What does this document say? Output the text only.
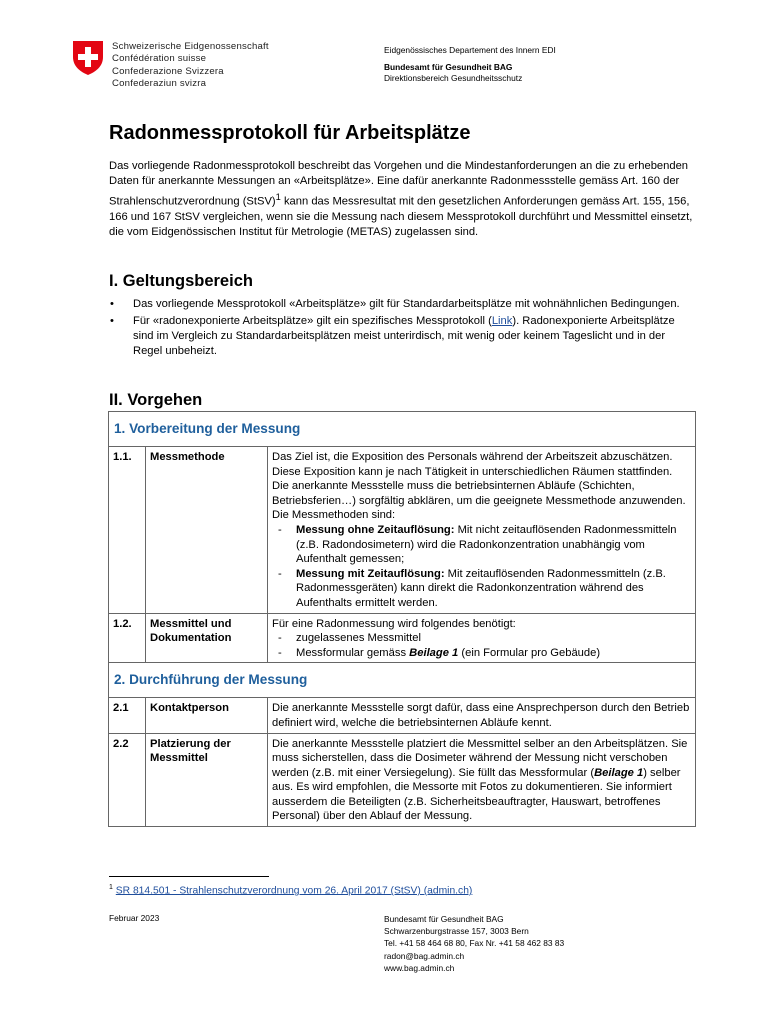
Schweizerische Eidgenossenschaft
Confédération suisse
Confederazione Svizzera
Confederaziun svizra
Eidgenössisches Departement des Innern EDI
Bundesamt für Gesundheit BAG
Direktionsbereich Gesundheitsschutz
Radonmessprotokoll für Arbeitsplätze
Das vorliegende Radonmessprotokoll beschreibt das Vorgehen und die Mindestanforderungen an die zu erhebenden Daten für anerkannte Messungen an «Arbeitsplätze». Eine dafür anerkannte Radonmessstelle gemäss Art. 160 der Strahlenschutzverordnung (StSV)$^1$ kann das Messresultat mit den gesetzlichen Anforderungen gemäss Art. 155, 156, 166 und 167 StSV vergleichen, wenn sie die Messung nach diesem Messprotokoll durchführt und Messmittel einsetzt, die vom Eidgenössischen Institut für Metrologie (METAS) zugelassen sind.
I. Geltungsbereich
• Das vorliegende Messprotokoll «Arbeitsplätze» gilt für Standardarbeitsplätze mit wohnähnlichen Bedingungen.
• Für «radonexponierte Arbeitsplätze» gilt ein spezifisches Messprotokoll (Link). Radonexponierte Arbeitsplätze sind im Vergleich zu Standardarbeitsplätzen meist unterirdisch, mit wenig oder keinem Tageslicht und in der Regel unbeheizt.
II. Vorgehen
1. Vorbereitung der Messung		
1.1.	Messmethode	Das Ziel ist, die Exposition des Personals während der Arbeitszeit abzuschätzen. Diese Exposition kann je nach Tätigkeit in unterschiedlichen Räumen stattfinden. Die anerkannte Messstelle muss die betriebsinternen Abläufe (Schichten, Betriebsferien…) sorgfältig abklären, um die geeignete Messmethode anzuwenden. Die Messmethoden sind:
- Messung ohne Zeitauflösung: Mit nicht zeitauflösenden Radonmessmitteln (z.B. Radondosimetern) wird die Radonkonzentration unabhängig vom Aufenthalt gemessen;
- Messung mit Zeitauflösung: Mit zeitauflösenden Radonmessmitteln (z.B. Radonmessgeräten) kann direkt die Radonkonzentration während des Aufenthalts ermittelt werden.

1.2.	Messmittel und Dokumentation	Für eine Radonmessung wird folgendes benötigt:
- zugelassenes Messmittel
- Messformular gemäss Beilage 1 (ein Formular pro Gebäude)

2. Durchführung der Messung		
2.1	Kontaktperson	Die anerkannte Messstelle sorgt dafür, dass eine Ansprechperson durch den Betrieb definiert wird, welche die betriebsinternen Abläufe kennt.
2.2	Platzierung der Messmittel	Die anerkannte Messstelle platziert die Messmittel selber an den Arbeitsplätzen. Sie muss sicherstellen, dass die Dosimeter während der Messung nicht verschoben werden (z.B. mit einer Versiegelung). Sie füllt das Messformular (Beilage 1) selber aus. Es wird empfohlen, die Messorte mit Fotos zu dokumentieren. Sie informiert ausserdem die Beteiligten (z.B. Sicherheitsbeauftragter, Hauswart, betroffenes Personal) über den Ablauf der Messung.
$^1$ SR 814.501 - Strahlenschutzverordnung vom 26. April 2017 (StSV) (admin.ch)
Februar 2023	Bundesamt für Gesundheit BAG
Schwarzenburgstrasse 157, 3003 Bern
Tel. +41 58 464 68 80, Fax Nr. +41 58 462 83 83
radon@bag.admin.ch
www.bag.admin.ch
